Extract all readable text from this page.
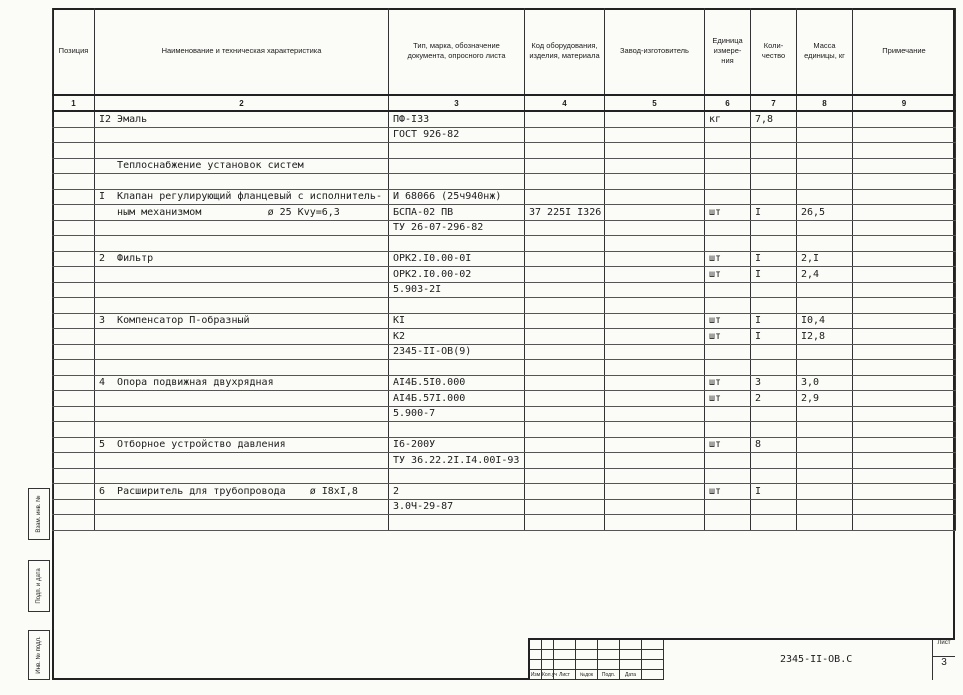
Позиция	Наименование и техническая характеристика	Тип, марка, обозначение документа, опросного листа	Код оборудования, изделия, материала	Завод-изготовитель	Единица измере-ния	Коли-чество	Масса единицы, кг	Примечание
1	2	3	4	5	6	7	8	9
	I2 Эмаль	ПФ-I33			кг	7,8		
		ГОСТ 926-82						

	Теплоснабжение установок систем							

	I  Клапан регулирующий фланцевый с исполнитель-	И 68066 (25ч940нж)						
	ным механизмом           ø 25 Kvy=6,3	БСПА-02 ПВ	37 225I I326		шт	I	26,5	
		ТУ 26-07-296-82						

	2  Фильтр	ОРК2.I0.00-0I			шт	I	2,I	
		ОРК2.I0.00-02			шт	I	2,4	
		5.903-2I						

	3  Компенсатор П-образный	КI			шт	I	I0,4	
		К2			шт	I	I2,8	
		2345-II-ОВ(9)						

	4  Опора подвижная двухрядная	AI4Б.5I0.000			шт	3	3,0	
		AI4Б.57I.000			шт	2	2,9	
		5.900-7						

	5  Отборное устройство давления	I6-200У			шт	8		
		ТУ 36.22.2I.I4.00I-93						

	6  Расширитель для трубопровода    ø I8xI,8	2			шт	I		
		3.0Ч-29-87						

Взам. инв. №
Подп. и дата
Инв. № подл.
Изм Кол.уч Лист	№док	Подп.	Дата
2345-II-ОВ.С
Лист
3
